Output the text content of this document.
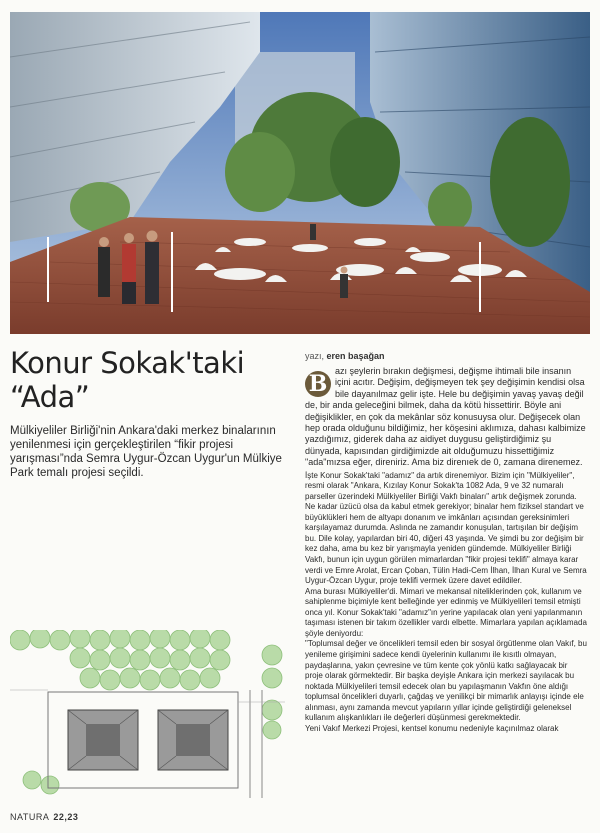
Konur Sokak'taki
“Ada”
Mülkiyeliler Birliği'nin Ankara'daki merkez binalarının yenilenmesi için gerçekleştirilen “fikir projesi yarışması”nda Semra Uygur-Özcan Uygur'un Mülkiye Park temalı projesi seçildi.
yazı, eren başağan

B azı şeylerin bırakın değişmesi, değişme ihtimali bile insanın içini acıtır. Değişim, değişmeyen tek şey değişimin kendisi olsa bile dayanılmaz gelir işte. Hele bu değişimin yavaş yavaş değil de, bir anda geleceğini bilmek, daha da kötü hissettirir. Böyle ani değişiklikler, en çok da mekânlar söz konusuysa olur. Değişecek olan hep orada olduğunu bildiğimiz, her köşesini aklımıza, dahası kalbimize yazdığımız, giderek daha az aidiyet duygusu geliştirdiğimiz şu dünyada, kapısından girdiğimizde ait olduğumuzu hissettiğimiz "ada"mızsa eğer, direniriz. Ama biz direnıek de 0, zamana direnemez.

İşte Konur Sokak'taki "adamız" da artık direnemiyor. Bizim için "Mülkiyeliler", resmi olarak "Ankara, Kızılay Konur Sokak'ta 1082 Ada, 9 ve 32 numaralı parseller üzerindeki Mülkiyeliler Birliği Vakfı binaları" artık değişmek zorunda. Ne kadar üzücü olsa da kabul etmek gerekiyor; binalar hem fiziksel standart ve büyüklükleri hem de altyapı donanım ve imkânları açısından gereksinimleri karşılayamaz durumda. Aslında ne zamandır konuşulan, tartışılan bir değişim bu. Dile kolay, yapılardan biri 40, diğeri 43 yaşında. Ve şimdi bu zor değişim bir kez daha, ama bu kez bir yarışmayla yeniden gündemde. Mülkiyeliler Birliği Vakfı, bunun için uygun görülen mimarlardan "fikir projesi teklifi" almaya karar verdi ve Emre Arolat, Ercan Çoban, Tülin Hadi-Cem İlhan, İlhan Kural ve Semra Uygur-Özcan Uygur, proje teklifi vermek üzere davet edildiler.

Ama burası Mülkiyeliler'di. Mimari ve mekansal niteliklerinden çok, kullanım ve sahiplenme biçimiyle kent belleğinde yer edinmiş ve Mülkiyelileri temsil etmişti onca yıl. Konur Sokak'taki "adamız"ın yerine yapılacak olan yeni yapılanmanın taşıması istenen bir takım özellikler vardı elbette. Mimarlara yapılan açıklamada şöyle deniyordu:

"Toplumsal değer ve öncelikleri temsil eden bir sosyal örgütlenme olan Vakıf, bu yenileme girişimini sadece kendi üyelerinin kullanımı ile kısıtlı olmayan, paydaşlarına, yakın çevresine ve tüm kente çok yönlü katkı sağlayacak bir proje olarak görmektedir. Bir başka deyişle Ankara için merkezi sayılacak bu noktada Mülkiyelileri temsil edecek olan bu yapılaşmanın Vakfın öne aldığı toplumsal öncelikleri duyarlı, çağdaş ve yenilikçi bir mimarlık anlayışı içinde ele alınması, aynı zamanda mevcut yapıların yıllar içinde geliştirdiği geleneksel kullanım alışkanlıkları ile değerleri düşünmesi gerekmektedir.

Yeni Vakıf Merkezi Projesi, kentsel konumu nedeniyle kaçınılmaz olarak

NATURA 22,23
